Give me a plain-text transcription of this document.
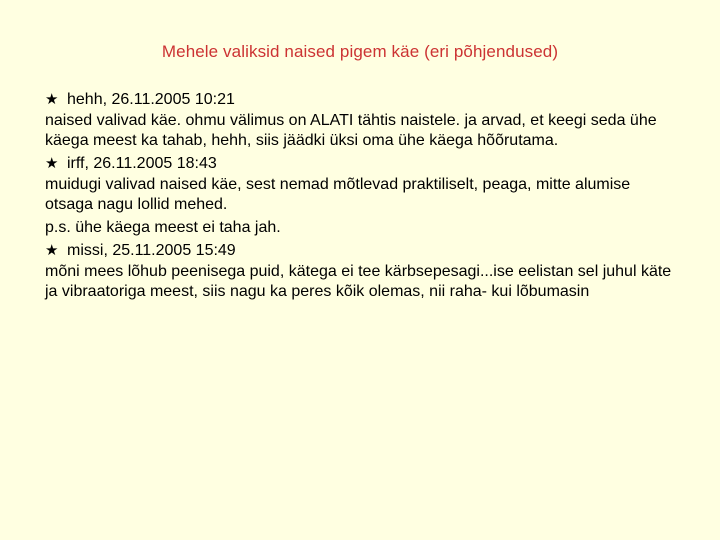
Mehele valiksid naised pigem käe (eri põhjendused)
★ hehh, 26.11.2005 10:21

naised valivad käe. ohmu välimus on ALATI tähtis naistele. ja arvad, et keegi seda ühe käega meest ka tahab, hehh, siis jäädki üksi oma ühe käega hõõrutama.

★ irff, 26.11.2005 18:43

muidugi valivad naised käe, sest nemad mõtlevad praktiliselt, peaga, mitte alumise otsaga nagu lollid mehed.

p.s. ühe käega meest ei taha jah.

★ missi, 25.11.2005 15:49

mõni mees lõhub peenisega puid, kätega ei tee kärbsepesagi...ise eelistan sel juhul käte ja vibraatoriga meest, siis nagu ka peres kõik olemas, nii raha- kui lõbumasin
